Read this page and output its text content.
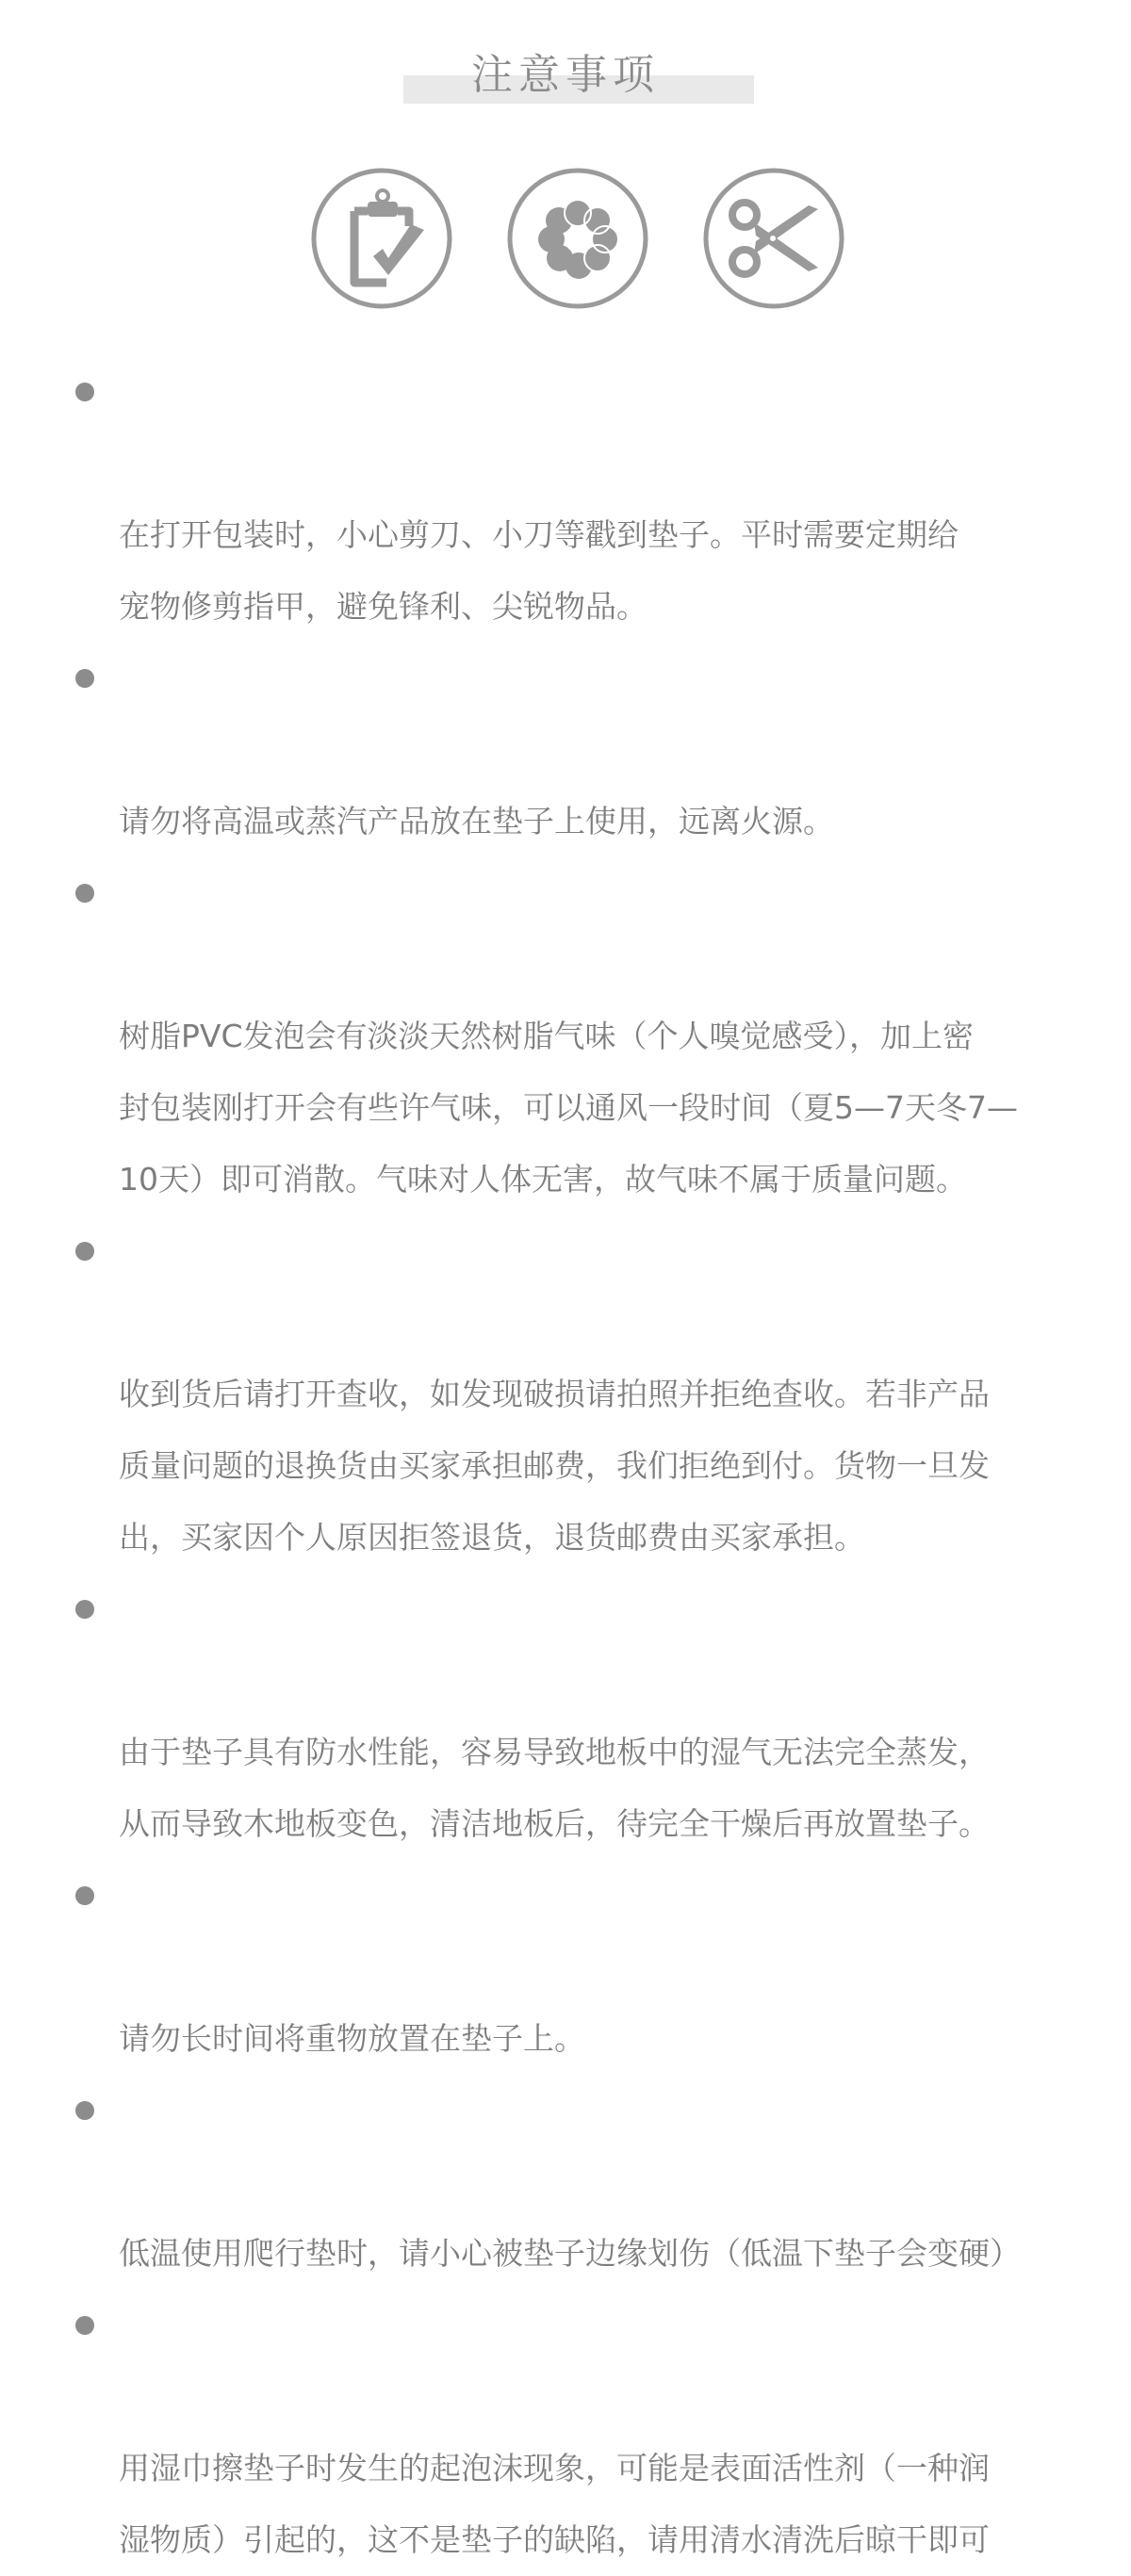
注意事项

在打开包装时，小心剪刀、小刀等戳到垫子。平时需要定期给
宠物修剪指甲，避免锋利、尖锐物品。

请勿将高温或蒸汽产品放在垫子上使用，远离火源。

树脂PVC发泡会有淡淡天然树脂气味（个人嗅觉感受），加上密
封包装刚打开会有些许气味，可以通风一段时间（夏5—7天冬7—
10天）即可消散。气味对人体无害，故气味不属于质量问题。

收到货后请打开查收，如发现破损请拍照并拒绝查收。若非产品
质量问题的退换货由买家承担邮费，我们拒绝到付。货物一旦发
出，买家因个人原因拒签退货，退货邮费由买家承担。

由于垫子具有防水性能，容易导致地板中的湿气无法完全蒸发，
从而导致木地板变色，清洁地板后，待完全干燥后再放置垫子。

请勿长时间将重物放置在垫子上。

低温使用爬行垫时，请小心被垫子边缘划伤（低温下垫子会变硬）

用湿巾擦垫子时发生的起泡沫现象，可能是表面活性剂（一种润
湿物质）引起的，这不是垫子的缺陷，请用清水清洗后晾干即可
